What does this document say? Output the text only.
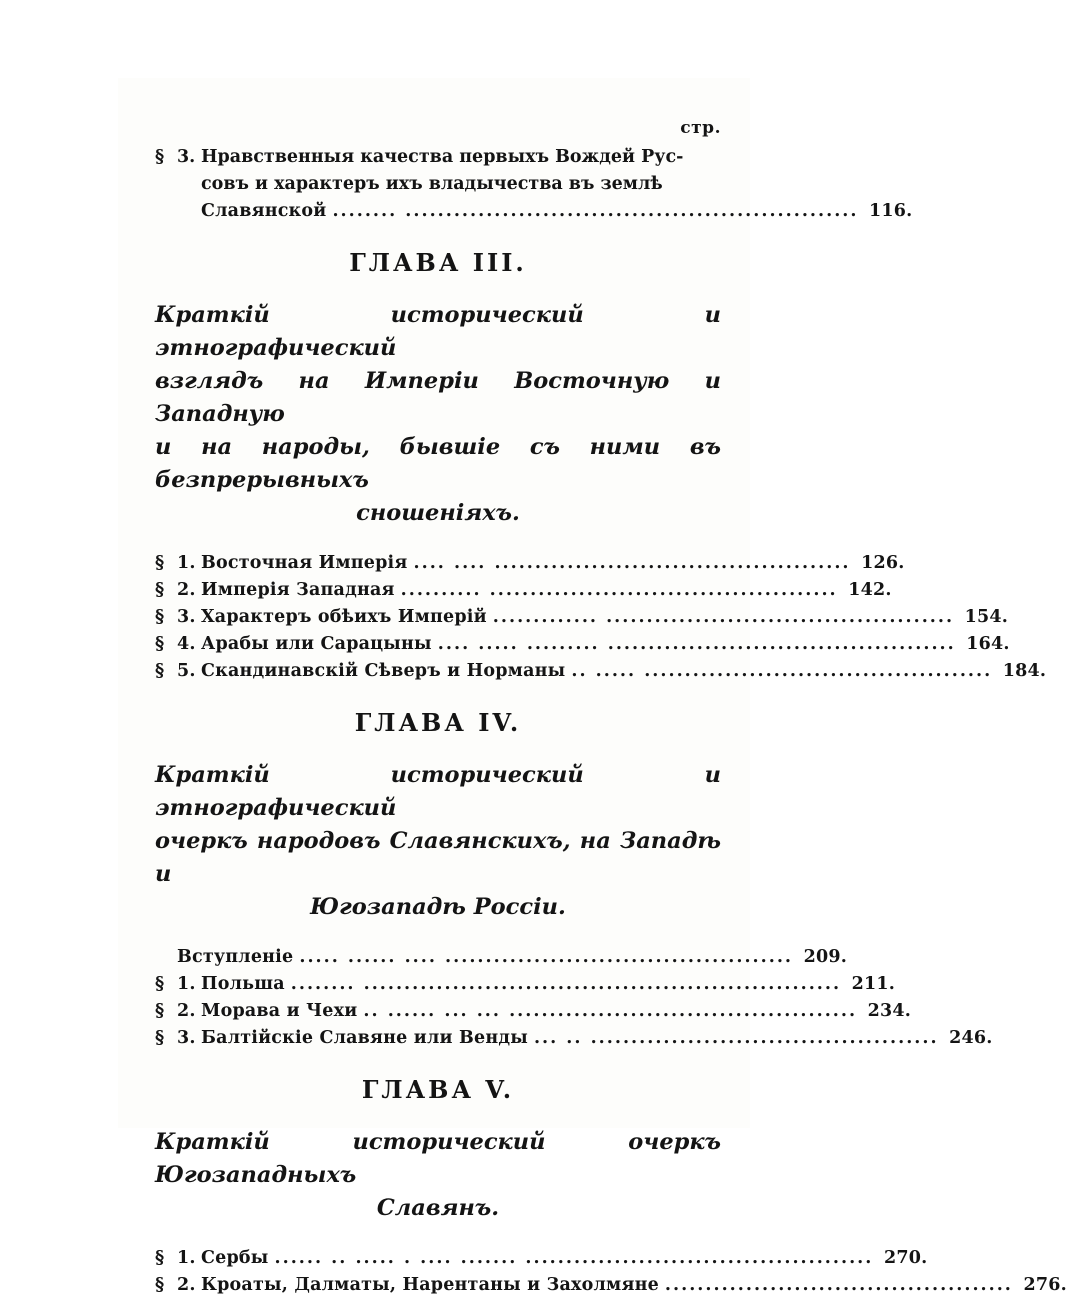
стр.
§ 3. Нравственныя качества первыхъ Вождей Рус-
совъ и характеръ ихъ владычества въ землѣ
Славянской ........ ........................................................ 116.
ГЛАВА III.
Краткій исторический и этнографический
взглядъ на Имперіи Восточную и Западную
и на народы, бывшіе съ ними въ безпрерывныхъ
сношеніяхъ.
§ 1. Восточная Имперія .... .... ............................................ 126.
§ 2. Имперія Западная .......... ........................................... 142.
§ 3. Характеръ обѣихъ Имперій ............. ........................................... 154.
§ 4. Арабы или Сарацыны .... ..... ......... ........................................... 164.
§ 5. Скандинавскій Сѣверъ и Норманы .. ..... ........................................... 184.
ГЛАВА IV.
Краткій исторический и этнографический
очеркъ народовъ Славянскихъ, на Западѣ и
Югозападѣ Россіи.
Вступленіе ..... ...... .... ........................................... 209.
§ 1. Польша ........ ........................................................... 211.
§ 2. Морава и Чехи .. ...... ... ... ........................................... 234.
§ 3. Балтійскіе Славяне или Венды ... .. ........................................... 246.
ГЛАВА V.
Краткій исторический очеркъ Югозападныхъ
Славянъ.
§ 1. Сербы ...... .. ..... . .... ....... ........................................... 270.
§ 2. Кроаты, Далматы, Нарентаны и Захолмяне ........................................... 276.
